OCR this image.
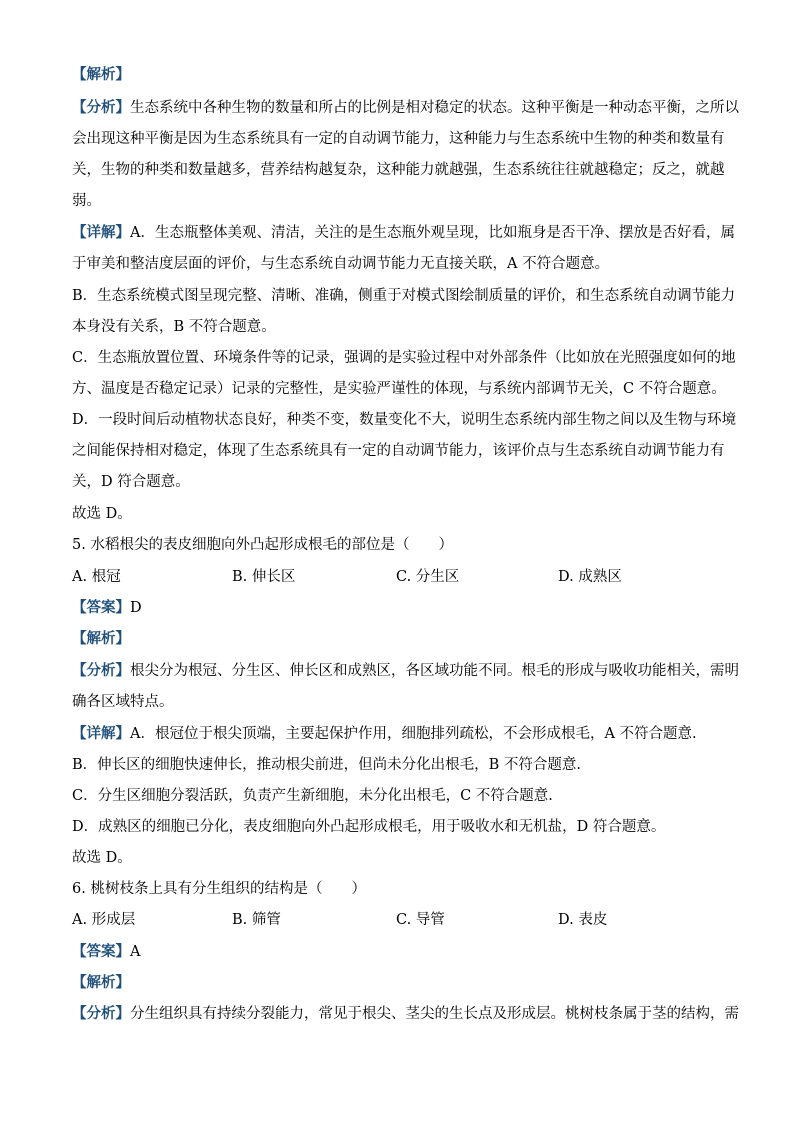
【解析】
【分析】生态系统中各种生物的数量和所占的比例是相对稳定的状态。这种平衡是一种动态平衡，之所以
会出现这种平衡是因为生态系统具有一定的自动调节能力，这种能力与生态系统中生物的种类和数量有
关，生物的种类和数量越多，营养结构越复杂，这种能力就越强，生态系统往往就越稳定；反之，就越
弱。
【详解】A．生态瓶整体美观、清洁，关注的是生态瓶外观呈现，比如瓶身是否干净、摆放是否好看，属
于审美和整洁度层面的评价，与生态系统自动调节能力无直接关联，A 不符合题意。
B．生态系统模式图呈现完整、清晰、准确，侧重于对模式图绘制质量的评价，和生态系统自动调节能力
本身没有关系，B 不符合题意。
C．生态瓶放置位置、环境条件等的记录，强调的是实验过程中对外部条件（比如放在光照强度如何的地
方、温度是否稳定记录）记录的完整性，是实验严谨性的体现，与系统内部调节无关，C 不符合题意。
D．一段时间后动植物状态良好，种类不变，数量变化不大，说明生态系统内部生物之间以及生物与环境
之间能保持相对稳定，体现了生态系统具有一定的自动调节能力，该评价点与生态系统自动调节能力有
关，D 符合题意。
故选 D。
5. 水稻根尖的表皮细胞向外凸起形成根毛的部位是（　　）
A. 根冠	B. 伸长区	C. 分生区	D. 成熟区
【答案】D
【解析】
【分析】根尖分为根冠、分生区、伸长区和成熟区，各区域功能不同。根毛的形成与吸收功能相关，需明
确各区域特点。
【详解】A．根冠位于根尖顶端，主要起保护作用，细胞排列疏松，不会形成根毛，A 不符合题意.
B．伸长区的细胞快速伸长，推动根尖前进，但尚未分化出根毛，B 不符合题意.
C．分生区细胞分裂活跃，负责产生新细胞，未分化出根毛，C 不符合题意.
D．成熟区的细胞已分化，表皮细胞向外凸起形成根毛，用于吸收水和无机盐，D 符合题意。
故选 D。
6. 桃树枝条上具有分生组织的结构是（　　）
A. 形成层	B. 筛管	C. 导管	D. 表皮
【答案】A
【解析】
【分析】分生组织具有持续分裂能力，常见于根尖、茎尖的生长点及形成层。桃树枝条属于茎的结构，需
